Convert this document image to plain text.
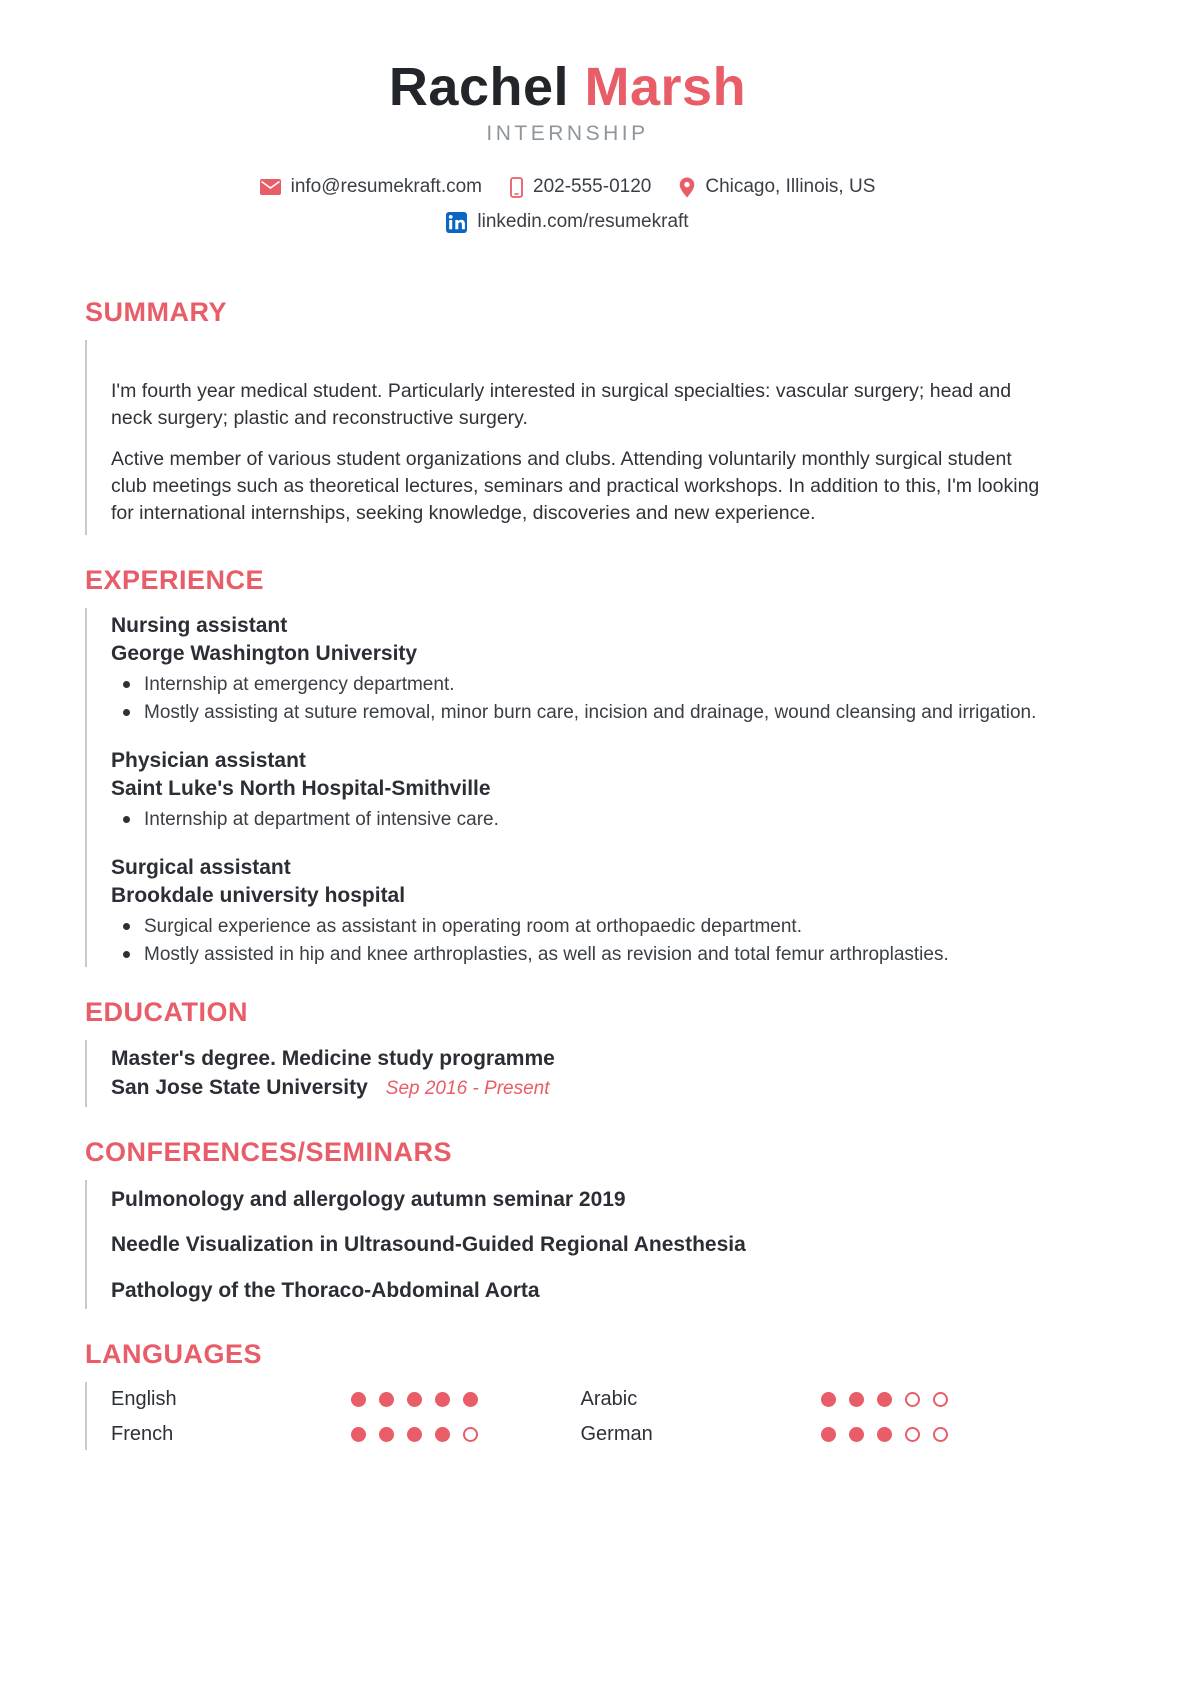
Rachel Marsh
INTERNSHIP
info@resumekraft.com	202-555-0120	Chicago, Illinois, US
linkedin.com/resumekraft
SUMMARY

I'm fourth year medical student. Particularly interested in surgical specialties: vascular surgery; head and neck surgery; plastic and reconstructive surgery.

Active member of various student organizations and clubs. Attending voluntarily monthly surgical student club meetings such as theoretical lectures, seminars and practical workshops. In addition to this, I'm looking for international internships, seeking knowledge, discoveries and new experience.

EXPERIENCE
Nursing assistant
George Washington University
Internship at emergency department.
Mostly assisting at suture removal, minor burn care, incision and drainage, wound cleansing and irrigation.
Physician assistant
Saint Luke's North Hospital-Smithville
Internship at department of intensive care.
Surgical assistant
Brookdale university hospital
Surgical experience as assistant in operating room at orthopaedic department.
Mostly assisted in hip and knee arthroplasties, as well as revision and total femur arthroplasties.
EDUCATION
Master's degree. Medicine study programme
San Jose State University Sep 2016 - Present
CONFERENCES/SEMINARS
Pulmonology and allergology autumn seminar 2019
Needle Visualization in Ultrasound-Guided Regional Anesthesia
Pathology of the Thoraco-Abdominal Aorta
LANGUAGES
English	Arabic
French	German
